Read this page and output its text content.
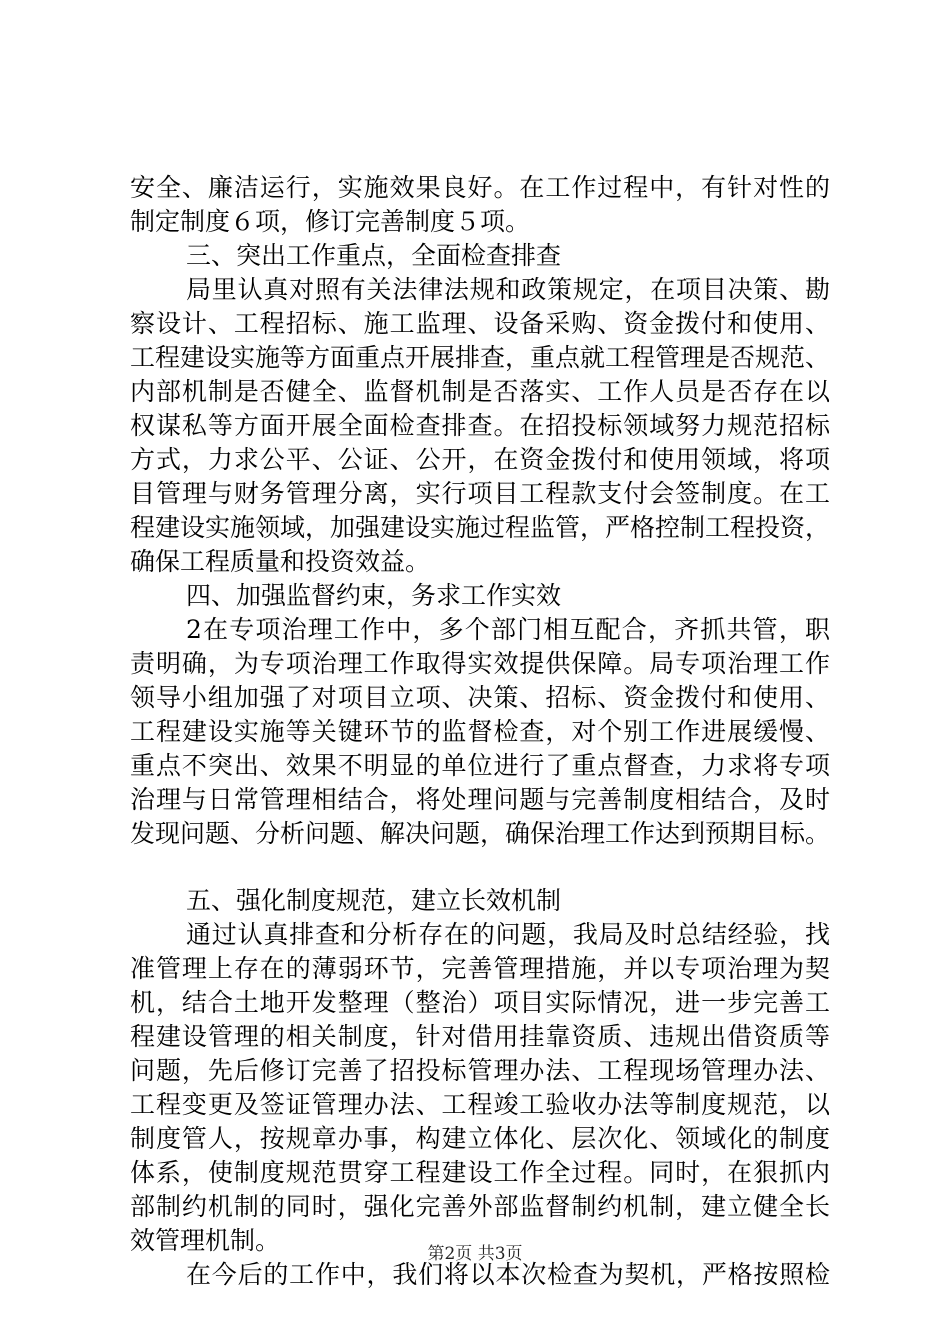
安全、廉洁运行，实施效果良好。在工作过程中，有针对性的
制定制度６项，修订完善制度５项。
三、突出工作重点，全面检查排查
局里认真对照有关法律法规和政策规定，在项目决策、勘
察设计、工程招标、施工监理、设备采购、资金拨付和使用、
工程建设实施等方面重点开展排查，重点就工程管理是否规范、
内部机制是否健全、监督机制是否落实、工作人员是否存在以
权谋私等方面开展全面检查排查。在招投标领域努力规范招标
方式，力求公平、公证、公开，在资金拨付和使用领域，将项
目管理与财务管理分离，实行项目工程款支付会签制度。在工
程建设实施领域，加强建设实施过程监管，严格控制工程投资，
确保工程质量和投资效益。
四、加强监督约束，务求工作实效
2在专项治理工作中，多个部门相互配合，齐抓共管，职
责明确，为专项治理工作取得实效提供保障。局专项治理工作
领导小组加强了对项目立项、决策、招标、资金拨付和使用、
工程建设实施等关键环节的监督检查，对个别工作进展缓慢、
重点不突出、效果不明显的单位进行了重点督查，力求将专项
治理与日常管理相结合，将处理问题与完善制度相结合，及时
发现问题、分析问题、解决问题，确保治理工作达到预期目标。
五、强化制度规范，建立长效机制
通过认真排查和分析存在的问题，我局及时总结经验，找
准管理上存在的薄弱环节，完善管理措施，并以专项治理为契
机，结合土地开发整理（整治）项目实际情况，进一步完善工
程建设管理的相关制度，针对借用挂靠资质、违规出借资质等
问题，先后修订完善了招投标管理办法、工程现场管理办法、
工程变更及签证管理办法、工程竣工验收办法等制度规范，以
制度管人，按规章办事，构建立体化、层次化、领域化的制度
体系，使制度规范贯穿工程建设工作全过程。同时，在狠抓内
部制约机制的同时，强化完善外部监督制约机制，建立健全长
效管理机制。
在今后的工作中，我们将以本次检查为契机，严格按照检
第2页 共3页
